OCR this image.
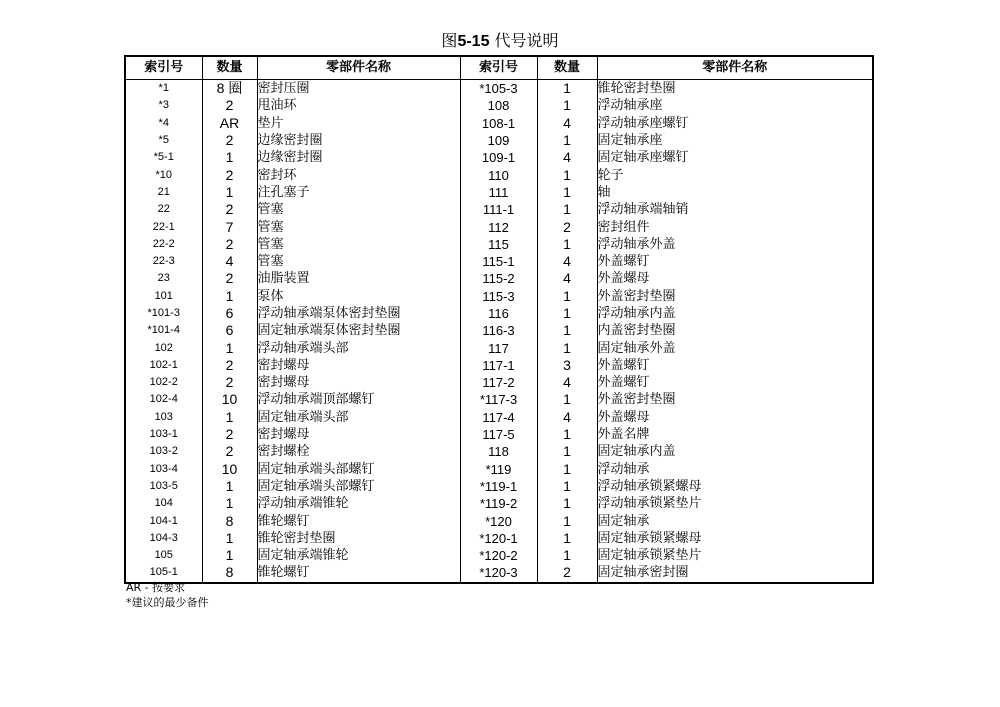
图5-15 代号说明
索引号	数量	零部件名称	索引号	数量	零部件名称
*1	8 圈	密封压圈	*105-3	1	锥轮密封垫圈
*3	2	甩油环	108	1	浮动轴承座
*4	AR	垫片	108-1	4	浮动轴承座螺钉
*5	2	边缘密封圈	109	1	固定轴承座
*5-1	1	边缘密封圈	109-1	4	固定轴承座螺钉
*10	2	密封环	110	1	轮子
21	1	注孔塞子	111	1	轴
22	2	管塞	111-1	1	浮动轴承端轴销
22-1	7	管塞	112	2	密封组件
22-2	2	管塞	115	1	浮动轴承外盖
22-3	4	管塞	115-1	4	外盖螺钉
23	2	油脂装置	115-2	4	外盖螺母
101	1	泵体	115-3	1	外盖密封垫圈
*101-3	6	浮动轴承端泵体密封垫圈	116	1	浮动轴承内盖
*101-4	6	固定轴承端泵体密封垫圈	116-3	1	内盖密封垫圈
102	1	浮动轴承端头部	117	1	固定轴承外盖
102-1	2	密封螺母	117-1	3	外盖螺钉
102-2	2	密封螺母	117-2	4	外盖螺钉
102-4	10	浮动轴承端顶部螺钉	*117-3	1	外盖密封垫圈
103	1	固定轴承端头部	117-4	4	外盖螺母
103-1	2	密封螺母	117-5	1	外盖名牌
103-2	2	密封螺栓	118	1	固定轴承内盖
103-4	10	固定轴承端头部螺钉	*119	1	浮动轴承
103-5	1	固定轴承端头部螺钉	*119-1	1	浮动轴承锁紧螺母
104	1	浮动轴承端锥轮	*119-2	1	浮动轴承锁紧垫片
104-1	8	锥轮螺钉	*120	1	固定轴承
104-3	1	锥轮密封垫圈	*120-1	1	固定轴承锁紧螺母
105	1	固定轴承端锥轮	*120-2	1	固定轴承锁紧垫片
105-1	8	锥轮螺钉	*120-3	2	固定轴承密封圈
AR - 按要求
*建议的最少备件
